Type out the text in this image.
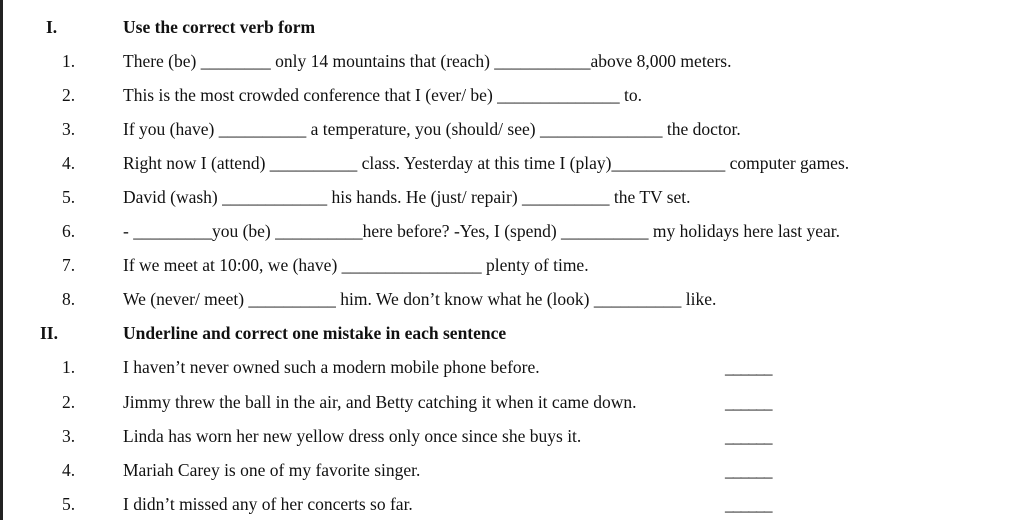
I.	Use the correct verb form
1.	There (be) ________ only 14 mountains that (reach) ___________above 8,000 meters.
2.	This is the most crowded conference that I (ever/ be) ______________ to.
3.	If you (have) __________ a temperature, you (should/ see) ______________ the doctor.
4.	Right now I (attend) __________ class. Yesterday at this time I (play)_____________ computer games.
5.	David (wash) ____________ his hands. He (just/ repair) __________ the TV set.
6.	- _________you (be) __________here before? -Yes, I (spend) __________ my holidays here last year.
7.	If we meet at 10:00, we (have) ________________ plenty of time.
8.	We (never/ meet) __________ him. We don’t know what he (look) __________ like.
II.	Underline and correct one mistake in each sentence
1.	I haven’t never owned such a modern mobile phone before.	______
2.	Jimmy threw the ball in the air, and Betty catching it when it came down.	______
3.	Linda has worn her new yellow dress only once since she buys it.	______
4.	Mariah Carey is one of my favorite singer.	______
5.	I didn’t missed any of her concerts so far.	______
